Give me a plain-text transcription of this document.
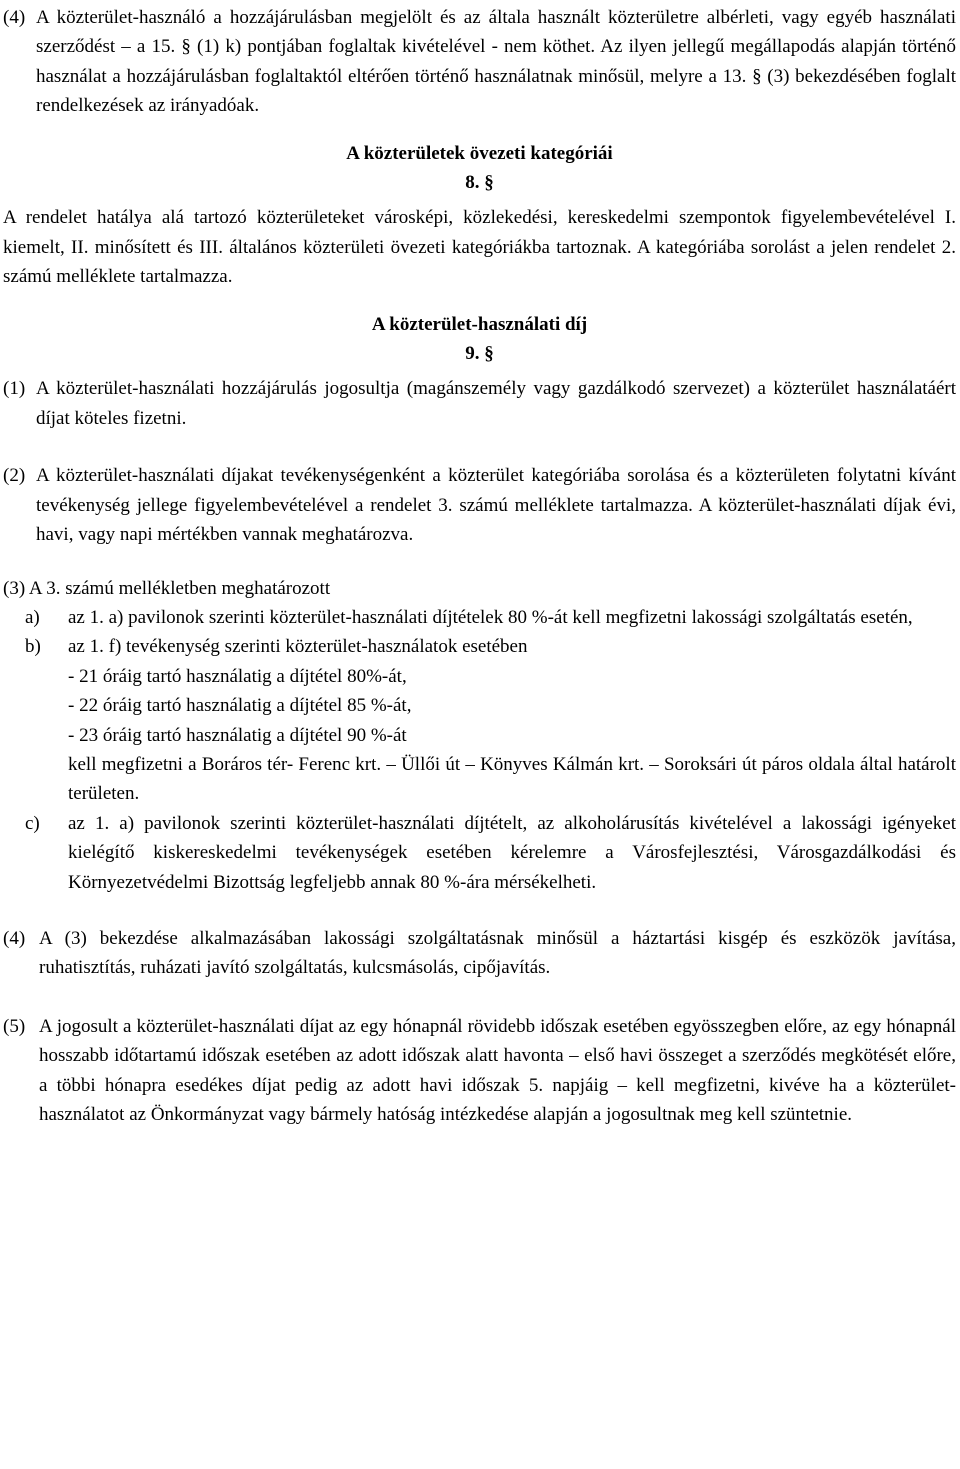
(4) A közterület-használó a hozzájárulásban megjelölt és az általa használt közterületre albérleti, vagy egyéb használati szerződést – a 15. § (1) k) pontjában foglaltak kivételével - nem köthet. Az ilyen jellegű megállapodás alapján történő használat a hozzájárulásban foglaltaktól eltérően történő használatnak minősül, melyre a 13. § (3) bekezdésében foglalt rendelkezések az irányadóak.

A közterületek övezeti kategóriái

8. §

A rendelet hatálya alá tartozó közterületeket városképi, közlekedési, kereskedelmi szempontok figyelembevételével I. kiemelt, II. minősített és III. általános közterületi övezeti kategóriákba tartoznak. A kategóriába sorolást a jelen rendelet 2. számú melléklete tartalmazza.

A közterület-használati díj

9. §

(1) A közterület-használati hozzájárulás jogosultja (magánszemély vagy gazdálkodó szervezet) a közterület használatáért díjat köteles fizetni.

(2) A közterület-használati díjakat tevékenységenként a közterület kategóriába sorolása és a közterületen folytatni kívánt tevékenység jellege figyelembevételével a rendelet 3. számú melléklete tartalmazza. A közterület-használati díjak évi, havi, vagy napi mértékben vannak meghatározva.

(3) A 3. számú mellékletben meghatározott

a)	az 1. a) pavilonok szerinti közterület-használati díjtételek 80 %-át kell megfizetni lakossági szolgáltatás esetén,

b)	az 1. f) tevékenység szerinti közterület-használatok esetében

- 21 óráig tartó használatig a díjtétel 80%-át,

- 22 óráig tartó használatig a díjtétel 85 %-át,

- 23 óráig tartó használatig a díjtétel 90 %-át

kell megfizetni a Boráros tér- Ferenc krt. – Üllői út – Könyves Kálmán krt. – Soroksári út páros oldala által határolt területen.

c)	az 1. a) pavilonok szerinti közterület-használati díjtételt, az alkoholárusítás kivételével a lakossági igényeket kielégítő kiskereskedelmi tevékenységek esetében kérelemre a Városfejlesztési, Városgazdálkodási és Környezetvédelmi Bizottság legfeljebb annak 80 %-ára mérsékelheti.

(4) A (3) bekezdése alkalmazásában lakossági szolgáltatásnak minősül a háztartási kisgép és eszközök javítása, ruhatisztítás, ruházati javító szolgáltatás, kulcsmásolás, cipőjavítás.

(5) A jogosult a közterület-használati díjat az egy hónapnál rövidebb időszak esetében egyösszegben előre, az egy hónapnál hosszabb időtartamú időszak esetében az adott időszak alatt havonta – első havi összeget a szerződés megkötését előre, a többi hónapra esedékes díjat pedig az adott havi időszak 5. napjáig – kell megfizetni, kivéve ha a közterület-használatot az Önkormányzat vagy bármely hatóság intézkedése alapján a jogosultnak meg kell szüntetnie.
